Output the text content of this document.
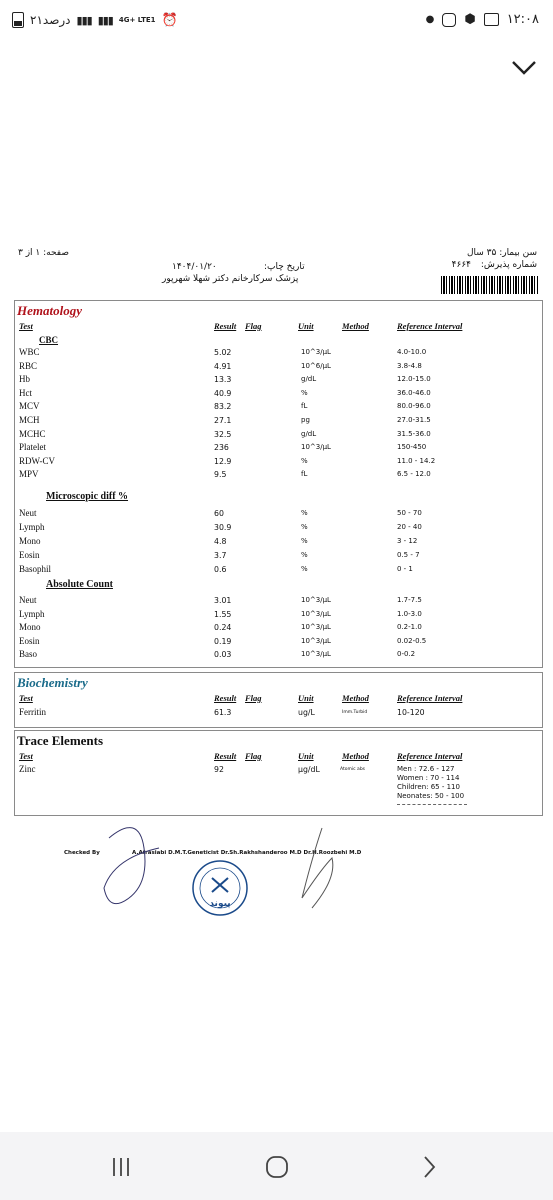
۲۱درصد ▮▮▮ ▮▮▮ 4G+ LTE1 ⏰	● ⬢ ۱۲:۰۸
صفحه: ۱ از ۳	سن بیمار: ۳۵ سال
شماره پذیرش:
۴۶۶۴
تاریخ چاپ:
۱۴۰۴/۰۱/۲۰
پزشک سرکارخانم دکتر شهلا شهرپور
Hematology
Test	Result Flag	Unit	Method	Reference Interval
CBC
WBC	5.02	10^3/µL	4.0-10.0
RBC	4.91	10^6/µL	3.8-4.8
Hb	13.3	g/dL	12.0-15.0
Hct	40.9	%	36.0-46.0
MCV	83.2	fL	80.0-96.0
MCH	27.1	pg	27.0-31.5
MCHC	32.5	g/dL	31.5-36.0
Platelet	236	10^3/µL	150-450
RDW-CV	12.9	%	11.0 - 14.2
MPV	9.5	fL	6.5 - 12.0
Microscopic diff %
Neut	60	%	50 - 70
Lymph	30.9	%	20 - 40
Mono	4.8	%	3 - 12
Eosin	3.7	%	0.5 - 7
Basophil	0.6	%	0 - 1
Absolute Count
Neut	3.01	10^3/µL	1.7-7.5
Lymph	1.55	10^3/µL	1.0-3.0
Mono	0.24	10^3/µL	0.2-1.0
Eosin	0.19	10^3/µL	0.02-0.5
Baso	0.03	10^3/µL	0-0.2
Biochemistry
Test	Result Flag	Unit	Method	Reference Interval
Ferritin	61.3	ug/L	Imm.Turbid	10-120
Trace Elements
Test	Result Flag	Unit	Method	Reference Interval
Zinc	92	µg/dL	Atomic abs	Men : 72.6 - 127
Women : 70 - 114
Children: 65 - 110
Neonates: 50 - 100
Checked By	A.Afrasiabi D.M.T.Geneticist Dr.Sh.Rakhshanderoo M.D Dr.H.Roozbehi M.D
پیوند
